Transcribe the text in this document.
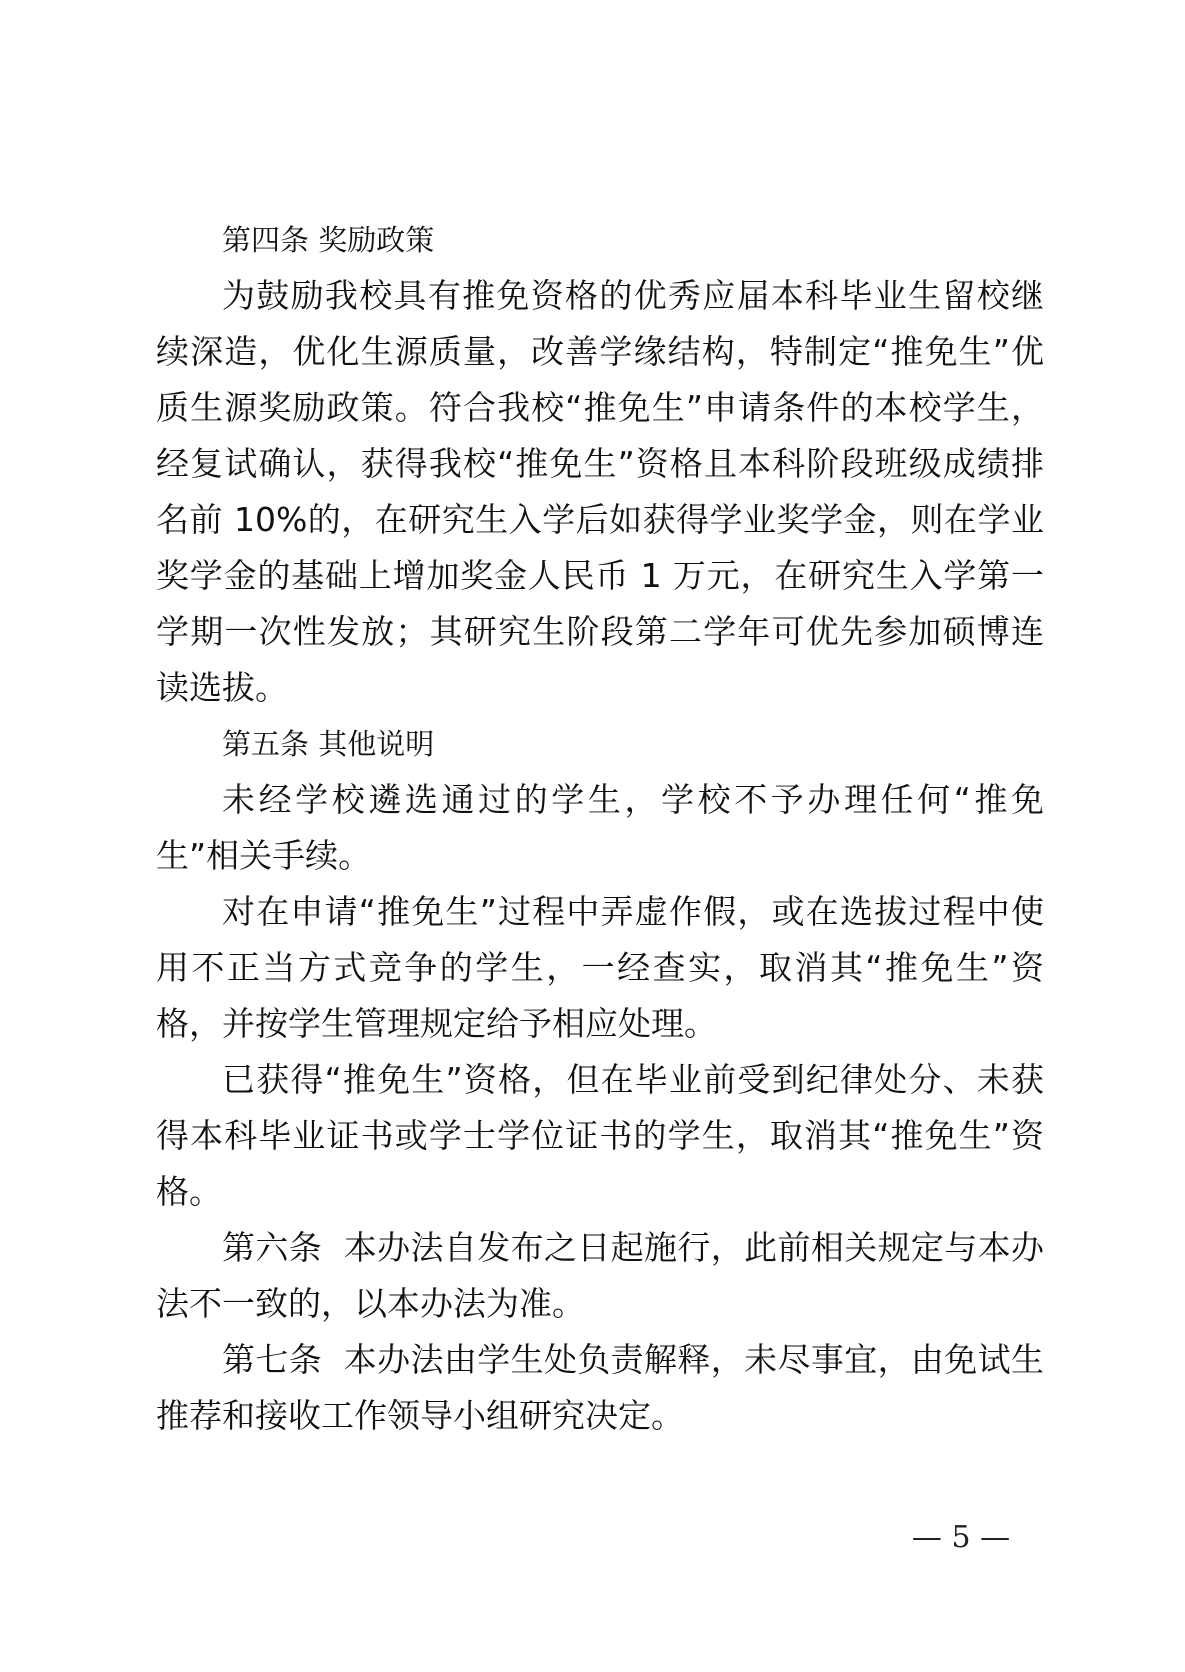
第四条 奖励政策

为鼓励我校具有推免资格的优秀应届本科毕业生留校继续深造，优化生源质量，改善学缘结构，特制定“推免生”优质生源奖励政策。符合我校“推免生”申请条件的本校学生，经复试确认，获得我校“推免生”资格且本科阶段班级成绩排名前 10%的，在研究生入学后如获得学业奖学金，则在学业奖学金的基础上增加奖金人民币 1 万元，在研究生入学第一学期一次性发放；其研究生阶段第二学年可优先参加硕博连读选拔。

第五条 其他说明

未经学校遴选通过的学生，学校不予办理任何“推免生”相关手续。

对在申请“推免生”过程中弄虚作假，或在选拔过程中使用不正当方式竞争的学生，一经查实，取消其“推免生”资格，并按学生管理规定给予相应处理。

已获得“推免生”资格，但在毕业前受到纪律处分、未获得本科毕业证书或学士学位证书的学生，取消其“推免生”资格。

第六条 本办法自发布之日起施行，此前相关规定与本办法不一致的，以本办法为准。

第七条 本办法由学生处负责解释，未尽事宜，由免试生推荐和接收工作领导小组研究决定。

— 5 —
